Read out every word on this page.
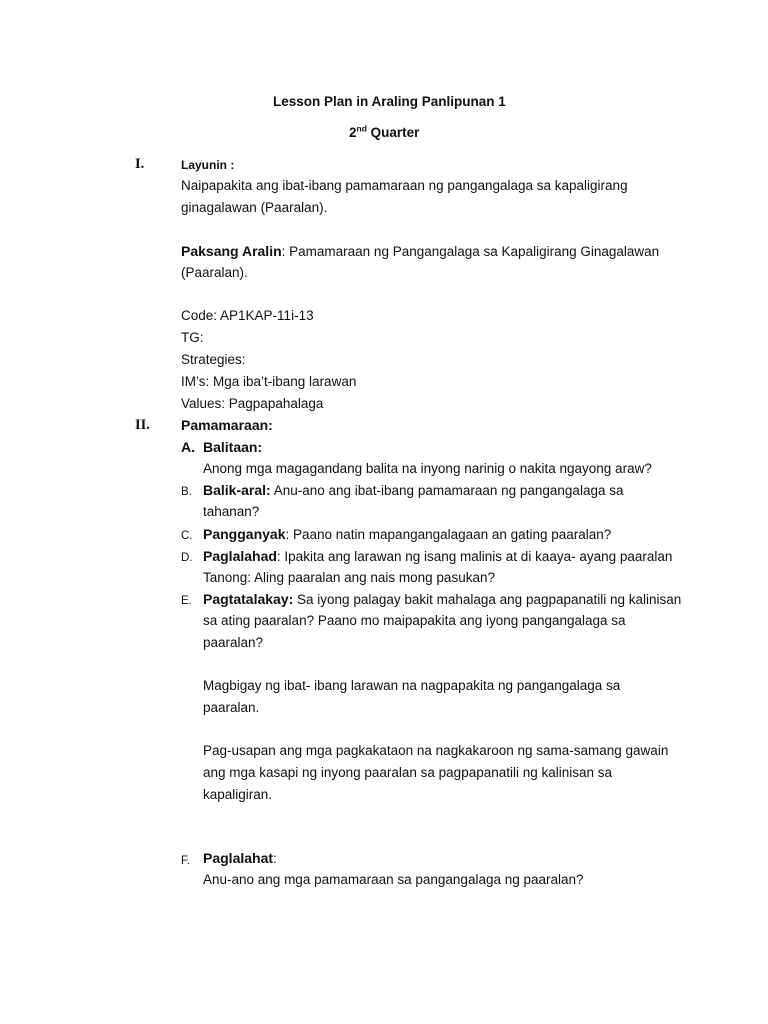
Lesson Plan in Araling Panlipunan 1
2nd Quarter
I.	Layunin :
Naipapakita ang ibat-ibang pamamaraan ng pangangalaga sa kapaligirang
ginagalawan (Paaralan).
Paksang Aralin: Pamamaraan ng Pangangalaga sa Kapaligirang Ginagalawan
(Paaralan).
Code: AP1KAP-11i-13
TG:
Strategies:
IM’s: Mga iba’t-ibang larawan
Values: Pagpapahalaga
II. Pamamaraan:
A. Balitaan:
Anong mga magagandang balita na inyong narinig o nakita ngayong araw?
B. Balik-aral: Anu-ano ang ibat-ibang pamamaraan ng pangangalaga sa
tahanan?
C. Pangganyak: Paano natin mapangangalagaan an gating paaralan?
D. Paglalahad: Ipakita ang larawan ng isang malinis at di kaaya- ayang paaralan
Tanong: Aling paaralan ang nais mong pasukan?
E. Pagtatalakay: Sa iyong palagay bakit mahalaga ang pagpapanatili ng kalinisan
sa ating paaralan? Paano mo maipapakita ang iyong pangangalaga sa
paaralan?
Magbigay ng ibat- ibang larawan na nagpapakita ng pangangalaga sa
paaralan.
Pag-usapan ang mga pagkakataon na nagkakaroon ng sama-samang gawain
ang mga kasapi ng inyong paaralan sa pagpapanatili ng kalinisan sa
kapaligiran.
F. Paglalahat:
Anu-ano ang mga pamamaraan sa pangangalaga ng paaralan?
